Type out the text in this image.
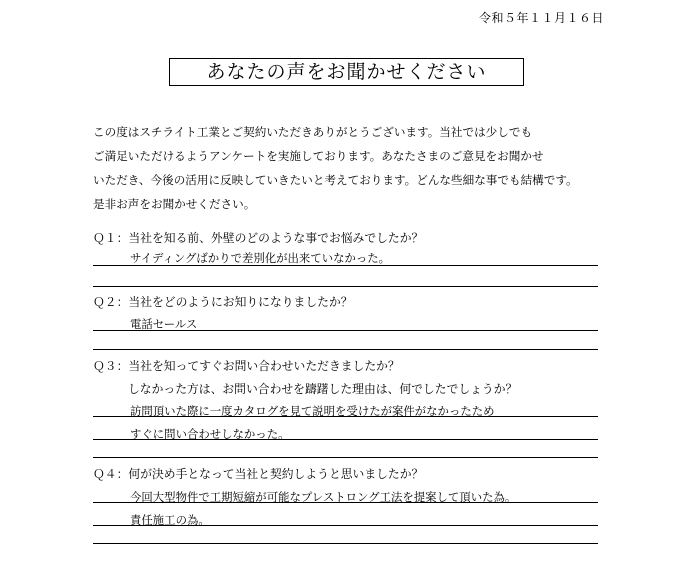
令和５年１１月１６日
あなたの声をお聞かせください
この度はスチライト工業とご契約いただきありがとうございます。当社では少しでも
ご満足いただけるようアンケートを実施しております。あなたさまのご意見をお聞かせ
いただき、今後の活用に反映していきたいと考えております。どんな些細な事でも結構です。
是非お声をお聞かせください。
Ｑ１：当社を知る前、外壁のどのような事でお悩みでしたか？
サイディングばかりで差別化が出来ていなかった。
Ｑ２：当社をどのようにお知りになりましたか？
電話セールス
Ｑ３：当社を知ってすぐお問い合わせいただきましたか？
しなかった方は、お問い合わせを躊躇した理由は、何でしたでしょうか？
訪問頂いた際に一度カタログを見て説明を受けたが案件がなかったため
すぐに問い合わせしなかった。
Ｑ４：何が決め手となって当社と契約しようと思いましたか？
今回大型物件で工期短縮が可能なプレストロング工法を提案して頂いた為。
責任施工の為。
